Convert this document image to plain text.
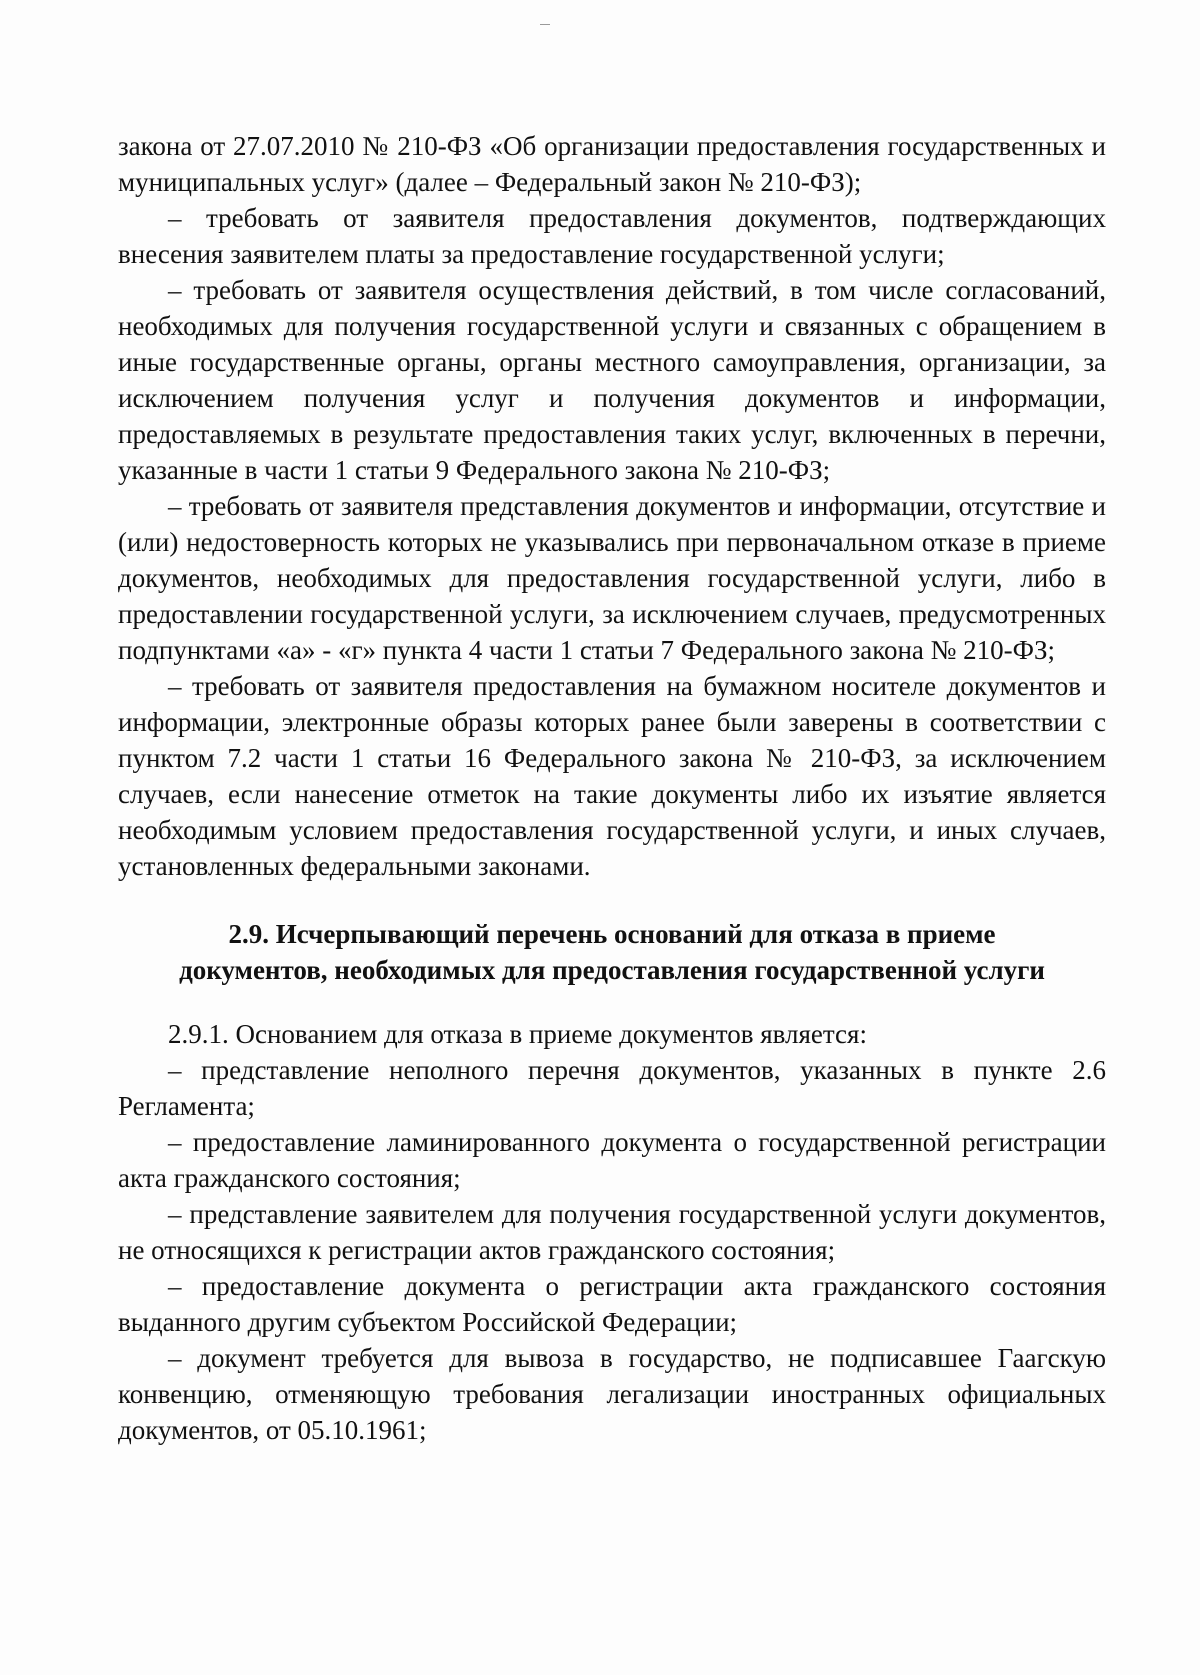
закона от 27.07.2010 № 210-ФЗ «Об организации предоставления государственных и муниципальных услуг» (далее – Федеральный закон № 210-ФЗ);

– требовать от заявителя предоставления документов, подтверждающих внесения заявителем платы за предоставление государственной услуги;

– требовать от заявителя осуществления действий, в том числе согласований, необходимых для получения государственной услуги и связанных с обращением в иные государственные органы, органы местного самоуправления, организации, за исключением получения услуг и получения документов и информации, предоставляемых в результате предоставления таких услуг, включенных в перечни, указанные в части 1 статьи 9 Федерального закона № 210-ФЗ;

– требовать от заявителя представления документов и информации, отсутствие и (или) недостоверность которых не указывались при первоначальном отказе в приеме документов, необходимых для предоставления государственной услуги, либо в предоставлении государственной услуги, за исключением случаев, предусмотренных подпунктами «а» - «г» пункта 4 части 1 статьи 7 Федерального закона № 210-ФЗ;

– требовать от заявителя предоставления на бумажном носителе документов и информации, электронные образы которых ранее были заверены в соответствии с пунктом 7.2 части 1 статьи 16 Федерального закона № 210-ФЗ, за исключением случаев, если нанесение отметок на такие документы либо их изъятие является необходимым условием предоставления государственной услуги, и иных случаев, установленных федеральными законами.

2.9. Исчерпывающий перечень оснований для отказа в приеме
документов, необходимых для предоставления государственной услуги

2.9.1. Основанием для отказа в приеме документов является:

– представление неполного перечня документов, указанных в пункте 2.6 Регламента;

– предоставление ламинированного документа о государственной регистрации акта гражданского состояния;

– представление заявителем для получения государственной услуги документов, не относящихся к регистрации актов гражданского состояния;

– предоставление документа о регистрации акта гражданского состояния выданного другим субъектом Российской Федерации;

– документ требуется для вывоза в государство, не подписавшее Гаагскую конвенцию, отменяющую требования легализации иностранных официальных документов, от 05.10.1961;
